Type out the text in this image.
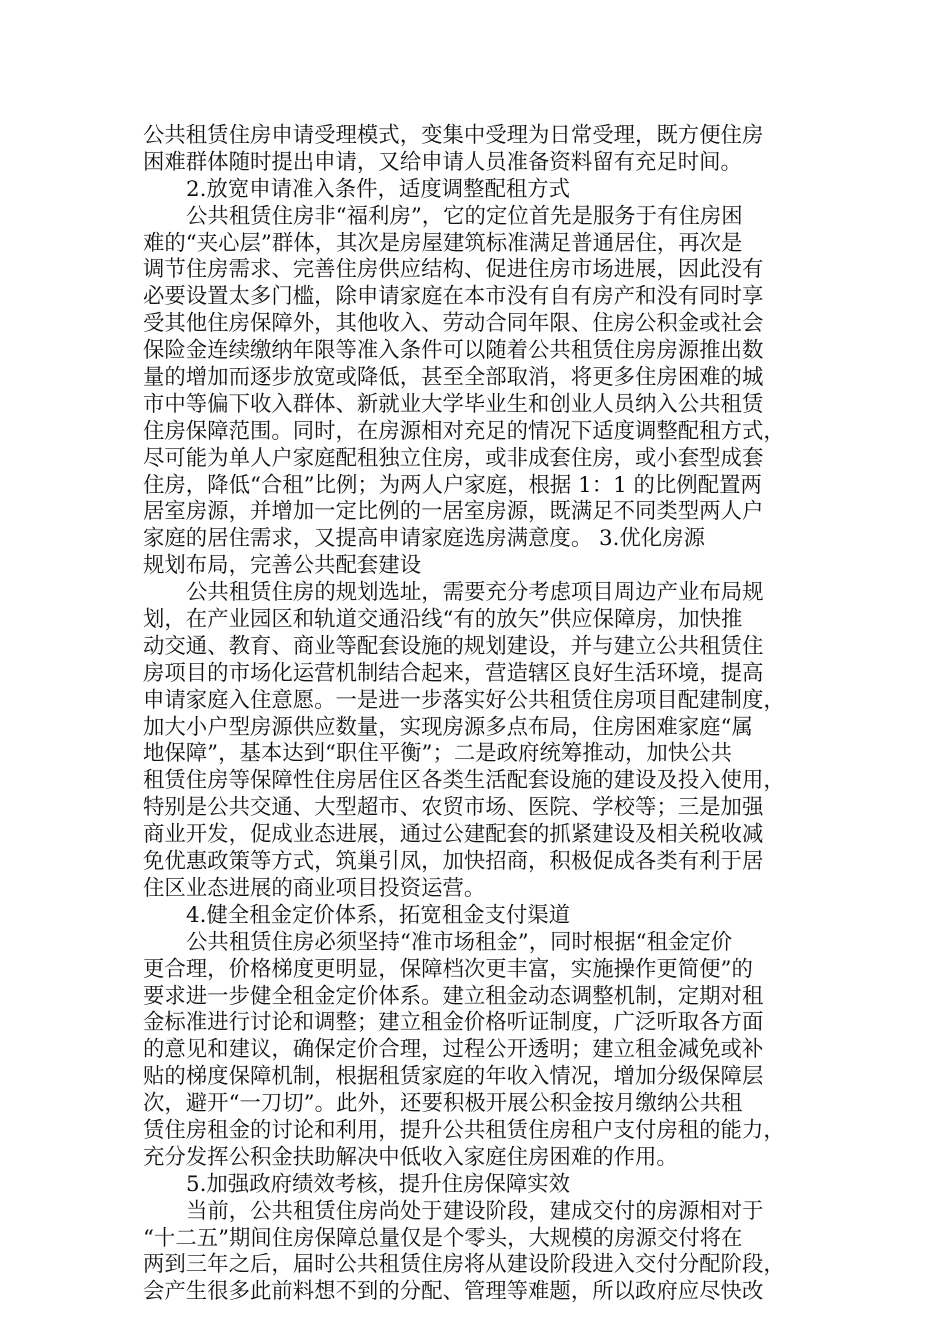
公共租赁住房申请受理模式，变集中受理为日常受理，既方便住房
困难群体随时提出申请，又给申请人员准备资料留有充足时间。
2.放宽申请准入条件，适度调整配租方式
公共租赁住房非“福利房”，它的定位首先是服务于有住房困
难的“夹心层”群体，其次是房屋建筑标准满足普通居住，再次是
调节住房需求、完善住房供应结构、促进住房市场进展，因此没有
必要设置太多门槛，除申请家庭在本市没有自有房产和没有同时享
受其他住房保障外，其他收入、劳动合同年限、住房公积金或社会
保险金连续缴纳年限等准入条件可以随着公共租赁住房房源推出数
量的增加而逐步放宽或降低，甚至全部取消，将更多住房困难的城
市中等偏下收入群体、新就业大学毕业生和创业人员纳入公共租赁
住房保障范围。同时，在房源相对充足的情况下适度调整配租方式，
尽可能为单人户家庭配租独立住房，或非成套住房，或小套型成套
住房，降低“合租”比例；为两人户家庭，根据 1：1 的比例配置两
居室房源，并增加一定比例的一居室房源，既满足不同类型两人户
家庭的居住需求，又提高申请家庭选房满意度。 3.优化房源
规划布局，完善公共配套建设
公共租赁住房的规划选址，需要充分考虑项目周边产业布局规
划，在产业园区和轨道交通沿线“有的放矢”供应保障房，加快推
动交通、教育、商业等配套设施的规划建设，并与建立公共租赁住
房项目的市场化运营机制结合起来，营造辖区良好生活环境，提高
申请家庭入住意愿。一是进一步落实好公共租赁住房项目配建制度，
加大小户型房源供应数量，实现房源多点布局，住房困难家庭“属
地保障”，基本达到“职住平衡”；二是政府统筹推动，加快公共
租赁住房等保障性住房居住区各类生活配套设施的建设及投入使用，
特别是公共交通、大型超市、农贸市场、医院、学校等；三是加强
商业开发，促成业态进展，通过公建配套的抓紧建设及相关税收减
免优惠政策等方式，筑巢引凤，加快招商，积极促成各类有利于居
住区业态进展的商业项目投资运营。
4.健全租金定价体系，拓宽租金支付渠道
公共租赁住房必须坚持“准市场租金”，同时根据“租金定价
更合理，价格梯度更明显，保障档次更丰富，实施操作更简便”的
要求进一步健全租金定价体系。建立租金动态调整机制，定期对租
金标准进行讨论和调整；建立租金价格听证制度，广泛听取各方面
的意见和建议，确保定价合理，过程公开透明；建立租金减免或补
贴的梯度保障机制，根据租赁家庭的年收入情况，增加分级保障层
次，避开“一刀切”。此外，还要积极开展公积金按月缴纳公共租
赁住房租金的讨论和利用，提升公共租赁住房租户支付房租的能力，
充分发挥公积金扶助解决中低收入家庭住房困难的作用。
5.加强政府绩效考核，提升住房保障实效
当前，公共租赁住房尚处于建设阶段，建成交付的房源相对于
“十二五”期间住房保障总量仅是个零头，大规模的房源交付将在
两到三年之后，届时公共租赁住房将从建设阶段进入交付分配阶段，
会产生很多此前料想不到的分配、管理等难题，所以政府应尽快改
